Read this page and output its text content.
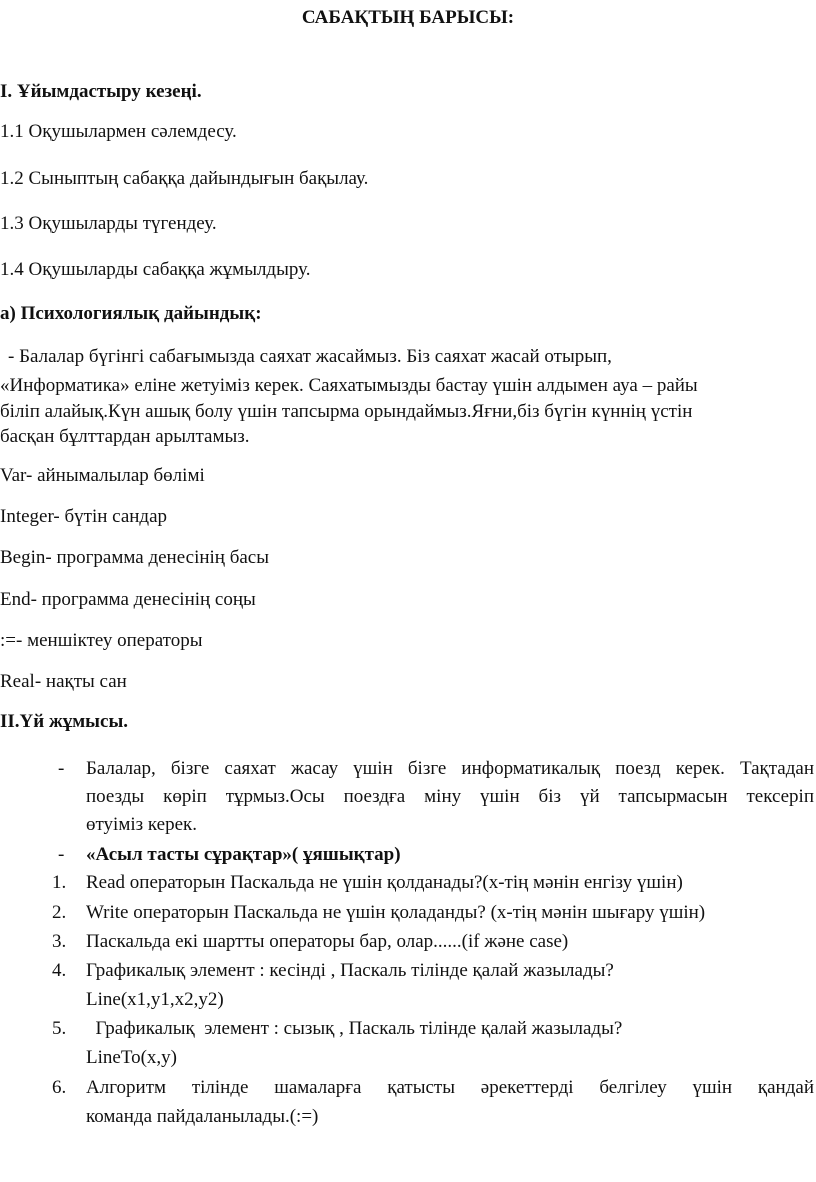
САБАҚТЫҢ БАРЫСЫ:
І. Ұйымдастыру кезеңі.
1.1 Оқушылармен сәлемдесу.
1.2 Сыныптың сабаққа дайындығын бақылау.
1.3 Оқушыларды түгендеу.
1.4 Оқушыларды сабаққа жұмылдыру.
а) Психологиялық дайындық:
- Балалар бүгінгі сабағымызда саяхат жасаймыз. Біз саяхат жасай отырып,
«Информатика» еліне жетуіміз керек. Саяхатымызды бастау үшін алдымен ауа – райы
біліп алайық.Күн ашық болу үшін тапсырма орындаймыз.Яғни,біз бүгін күннің үстін
басқан бұлттардан арылтамыз.
Var- айнымалылар бөлімі
Integer- бүтін сандар
Begin- программа денесінің басы
End- программа денесінің соңы
:=- меншіктеу операторы
Real- нақты сан
ІІ.Үй жұмысы.
- Балалар, бізге саяхат жасау үшін бізге информатикалық поезд керек. Тақтадан
поезды көріп тұрмыз.Осы поездға міну үшін біз үй тапсырмасын тексеріп
өтуіміз керек.
- «Асыл тасты сұрақтар»( ұяшықтар)
1. Read операторын Паскальда не үшін қолданады?(х-тің мәнін енгізу үшін)
2. Write операторын Паскальда не үшін қоладанды? (х-тің мәнін шығару үшін)
3. Паскальда екі шартты операторы бар, олар......(if және case)
4. Графикалық элемент : кесінді , Паскаль тілінде қалай жазылады?
Line(x1,y1,x2,y2)
5. Графикалық  элемент : сызық , Паскаль тілінде қалай жазылады?
LineTo(x,y)
6. Алгоритм тілінде шамаларға қатысты әрекеттерді белгілеу үшін қандай
команда пайдаланылады.(:=)
